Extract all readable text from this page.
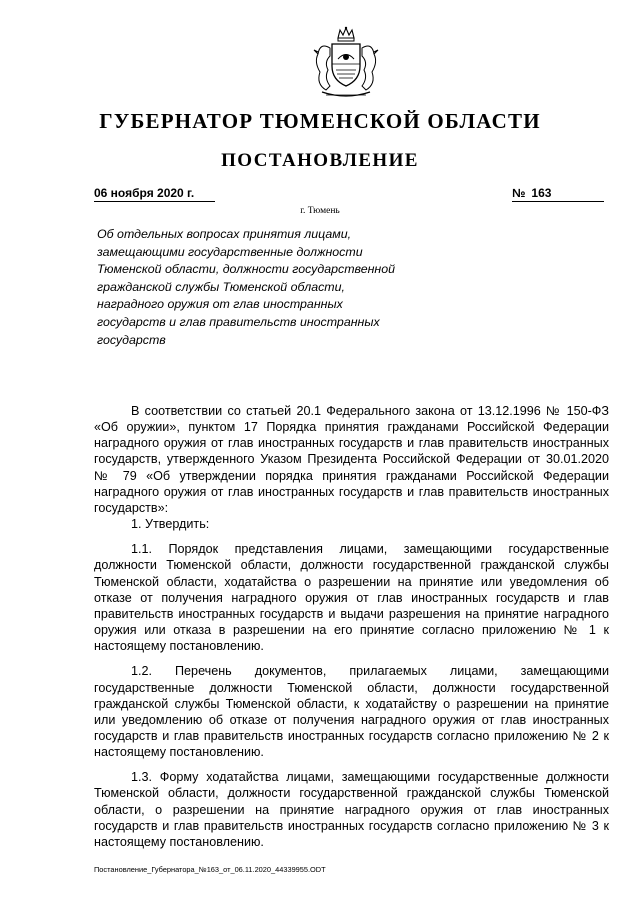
ГУБЕРНАТОР ТЮМЕНСКОЙ ОБЛАСТИ
ПОСТАНОВЛЕНИЕ
06 ноября 2020 г.	№ 163
г. Тюмень
Об отдельных вопросах принятия лицами, замещающими государственные должности Тюменской области, должности государственной гражданской службы Тюменской области, наградного оружия от глав иностранных государств и глав правительств иностранных государств

В соответствии со статьей 20.1 Федерального закона от 13.12.1996 № 150-ФЗ «Об оружии», пунктом 17 Порядка принятия гражданами Российской Федерации наградного оружия от глав иностранных государств и глав правительств иностранных государств, утвержденного Указом Президента Российской Федерации от 30.01.2020 № 79 «Об утверждении порядка принятия гражданами Российской Федерации наградного оружия от глав иностранных государств и глав правительств иностранных государств»:

1. Утвердить:

1.1. Порядок представления лицами, замещающими государственные должности Тюменской области, должности государственной гражданской службы Тюменской области, ходатайства о разрешении на принятие или уведомления об отказе от получения наградного оружия от глав иностранных государств и глав правительств иностранных государств и выдачи разрешения на принятие наградного оружия или отказа в разрешении на его принятие согласно приложению № 1 к настоящему постановлению.

1.2. Перечень документов, прилагаемых лицами, замещающими государственные должности Тюменской области, должности государственной гражданской службы Тюменской области, к ходатайству о разрешении на принятие или уведомлению об отказе от получения наградного оружия от глав иностранных государств и глав правительств иностранных государств согласно приложению № 2 к настоящему постановлению.

1.3. Форму ходатайства лицами, замещающими государственные должности Тюменской области, должности государственной гражданской службы Тюменской области, о разрешении на принятие наградного оружия от глав иностранных государств и глав правительств иностранных государств согласно приложению № 3 к настоящему постановлению.

Постановление_Губернатора_№163_от_06.11.2020_44339955.ODT
